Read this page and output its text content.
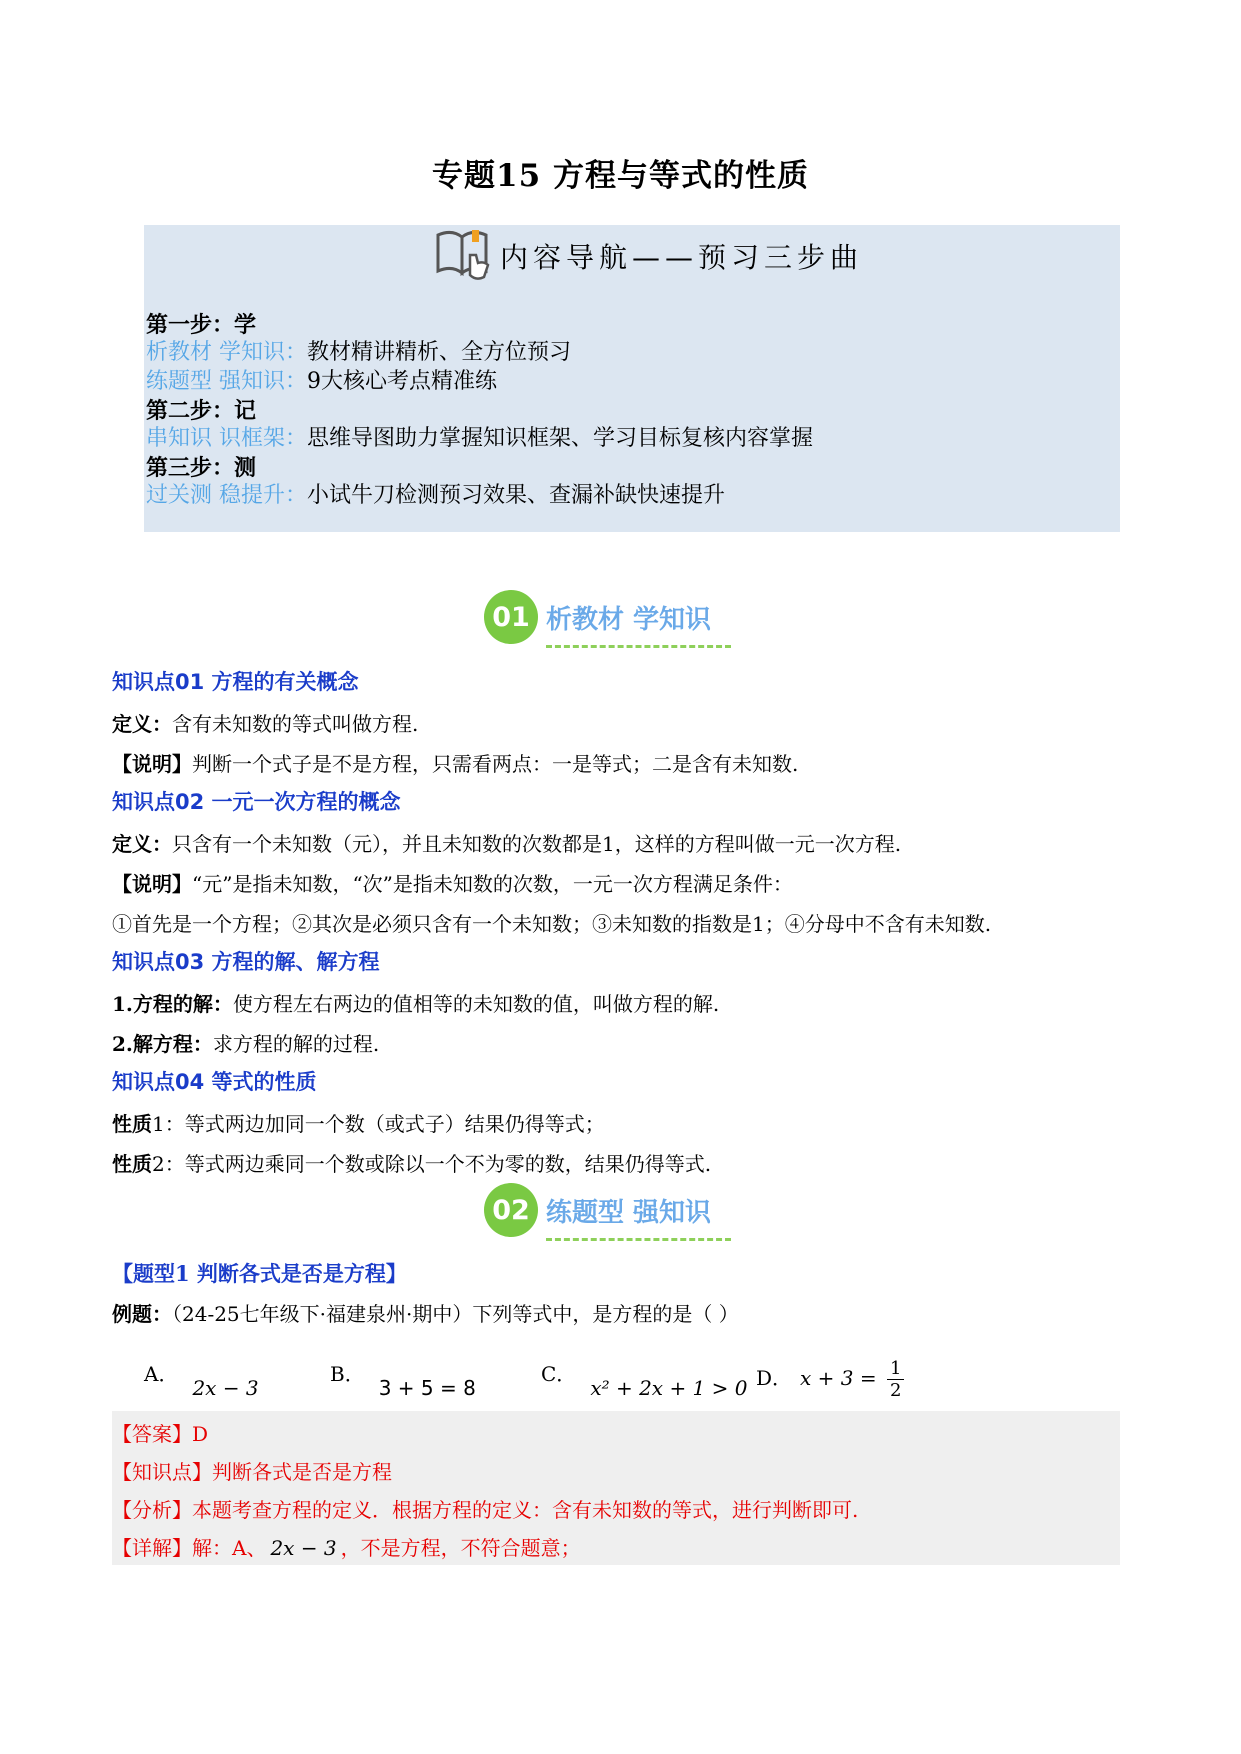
专题15 方程与等式的性质
内容导航——预习三步曲
第一步：学
析教材 学知识：教材精讲精析、全方位预习
练题型 强知识：9大核心考点精准练
第二步：记
串知识 识框架：思维导图助力掌握知识框架、学习目标复核内容掌握
第三步：测
过关测 稳提升：小试牛刀检测预习效果、查漏补缺快速提升
01 析教材 学知识
知识点01 方程的有关概念
定义：含有未知数的等式叫做方程.
【说明】判断一个式子是不是方程，只需看两点：一是等式；二是含有未知数.
知识点02 一元一次方程的概念
定义：只含有一个未知数（元），并且未知数的次数都是1，这样的方程叫做一元一次方程.
【说明】“元”是指未知数，“次”是指未知数的次数，一元一次方程满足条件：
①首先是一个方程；②其次是必须只含有一个未知数；③未知数的指数是1；④分母中不含有未知数.
知识点03 方程的解、解方程
1.方程的解：使方程左右两边的值相等的未知数的值，叫做方程的解.
2.解方程：求方程的解的过程.
知识点04 等式的性质
性质1：等式两边加同一个数（或式子）结果仍得等式；
性质2：等式两边乘同一个数或除以一个不为零的数，结果仍得等式.
02 练题型 强知识
【题型1 判断各式是否是方程】
例题：（24-25七年级下·福建泉州·期中）下列等式中，是方程的是（ ）
A．2x − 3
B．3 + 5 = 8
C．x² + 2x + 1 > 0 D． $x + 3 = \frac{1}{2}$
【答案】D
【知识点】判断各式是否是方程
【分析】本题考查方程的定义．根据方程的定义：含有未知数的等式，进行判断即可.
【详解】解：A、 2x − 3 ，不是方程，不符合题意；
